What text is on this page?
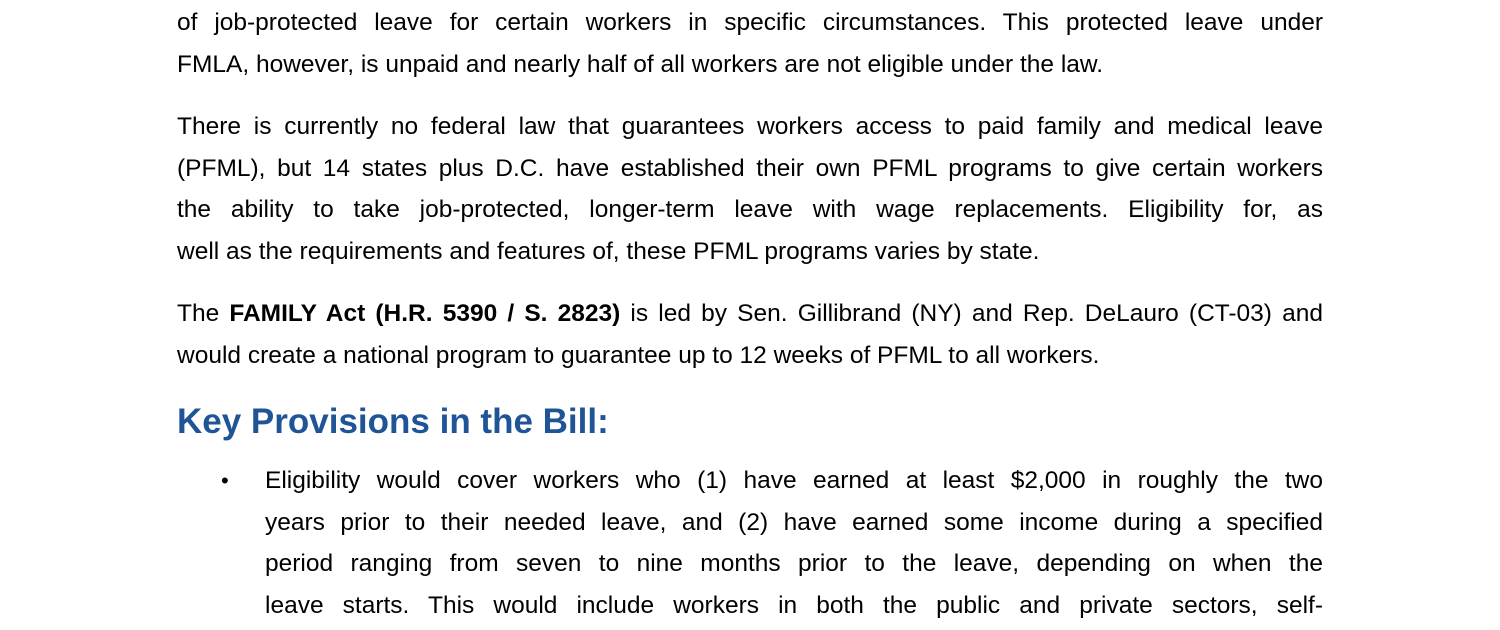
of job-protected leave for certain workers in specific circumstances. This protected leave under
FMLA, however, is unpaid and nearly half of all workers are not eligible under the law.

There is currently no federal law that guarantees workers access to paid family and medical leave
(PFML), but 14 states plus D.C. have established their own PFML programs to give certain workers
the ability to take job-protected, longer-term leave with wage replacements. Eligibility for, as
well as the requirements and features of, these PFML programs varies by state.

The FAMILY Act (H.R. 5390 / S. 2823) is led by Sen. Gillibrand (NY) and Rep. DeLauro (CT-03) and
would create a national program to guarantee up to 12 weeks of PFML to all workers.

Key Provisions in the Bill:
• Eligibility would cover workers who (1) have earned at least $2,000 in roughly the two
years prior to their needed leave, and (2) have earned some income during a specified
period ranging from seven to nine months prior to the leave, depending on when the
leave starts. This would include workers in both the public and private sectors, self-
